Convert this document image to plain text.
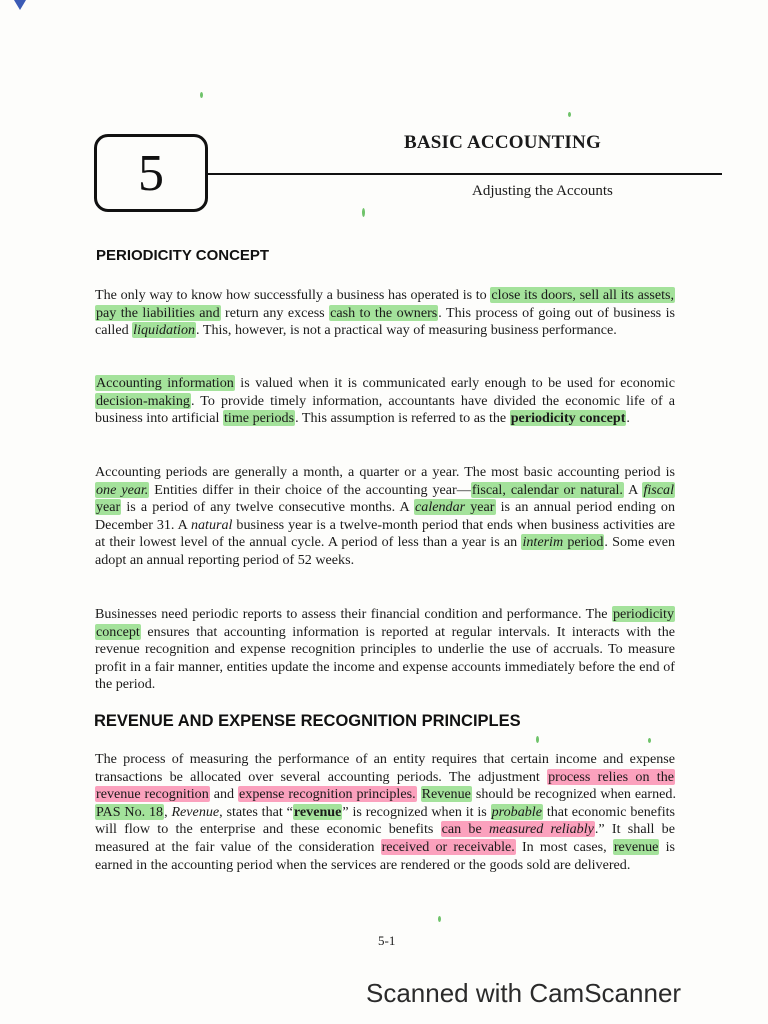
5
BASIC ACCOUNTING
Adjusting the Accounts
PERIODICITY CONCEPT

The only way to know how successfully a business has operated is to close its doors, sell all its assets, pay the liabilities and return any excess cash to the owners. This process of going out of business is called liquidation. This, however, is not a practical way of measuring business performance.

Accounting information is valued when it is communicated early enough to be used for economic decision-making. To provide timely information, accountants have divided the economic life of a business into artificial time periods. This assumption is referred to as the periodicity concept.

Accounting periods are generally a month, a quarter or a year. The most basic accounting period is one year. Entities differ in their choice of the accounting year—fiscal, calendar or natural. A fiscal year is a period of any twelve consecutive months. A calendar year is an annual period ending on December 31. A natural business year is a twelve-month period that ends when business activities are at their lowest level of the annual cycle. A period of less than a year is an interim period. Some even adopt an annual reporting period of 52 weeks.

Businesses need periodic reports to assess their financial condition and performance. The periodicity concept ensures that accounting information is reported at regular intervals. It interacts with the revenue recognition and expense recognition principles to underlie the use of accruals. To measure profit in a fair manner, entities update the income and expense accounts immediately before the end of the period.

REVENUE AND EXPENSE RECOGNITION PRINCIPLES

The process of measuring the performance of an entity requires that certain income and expense transactions be allocated over several accounting periods. The adjustment process relies on the revenue recognition and expense recognition principles. Revenue should be recognized when earned. PAS No. 18, Revenue, states that “revenue” is recognized when it is probable that economic benefits will flow to the enterprise and these economic benefits can be measured reliably.” It shall be measured at the fair value of the consideration received or receivable. In most cases, revenue is earned in the accounting period when the services are rendered or the goods sold are delivered.

5-1
Scanned with CamScanner
